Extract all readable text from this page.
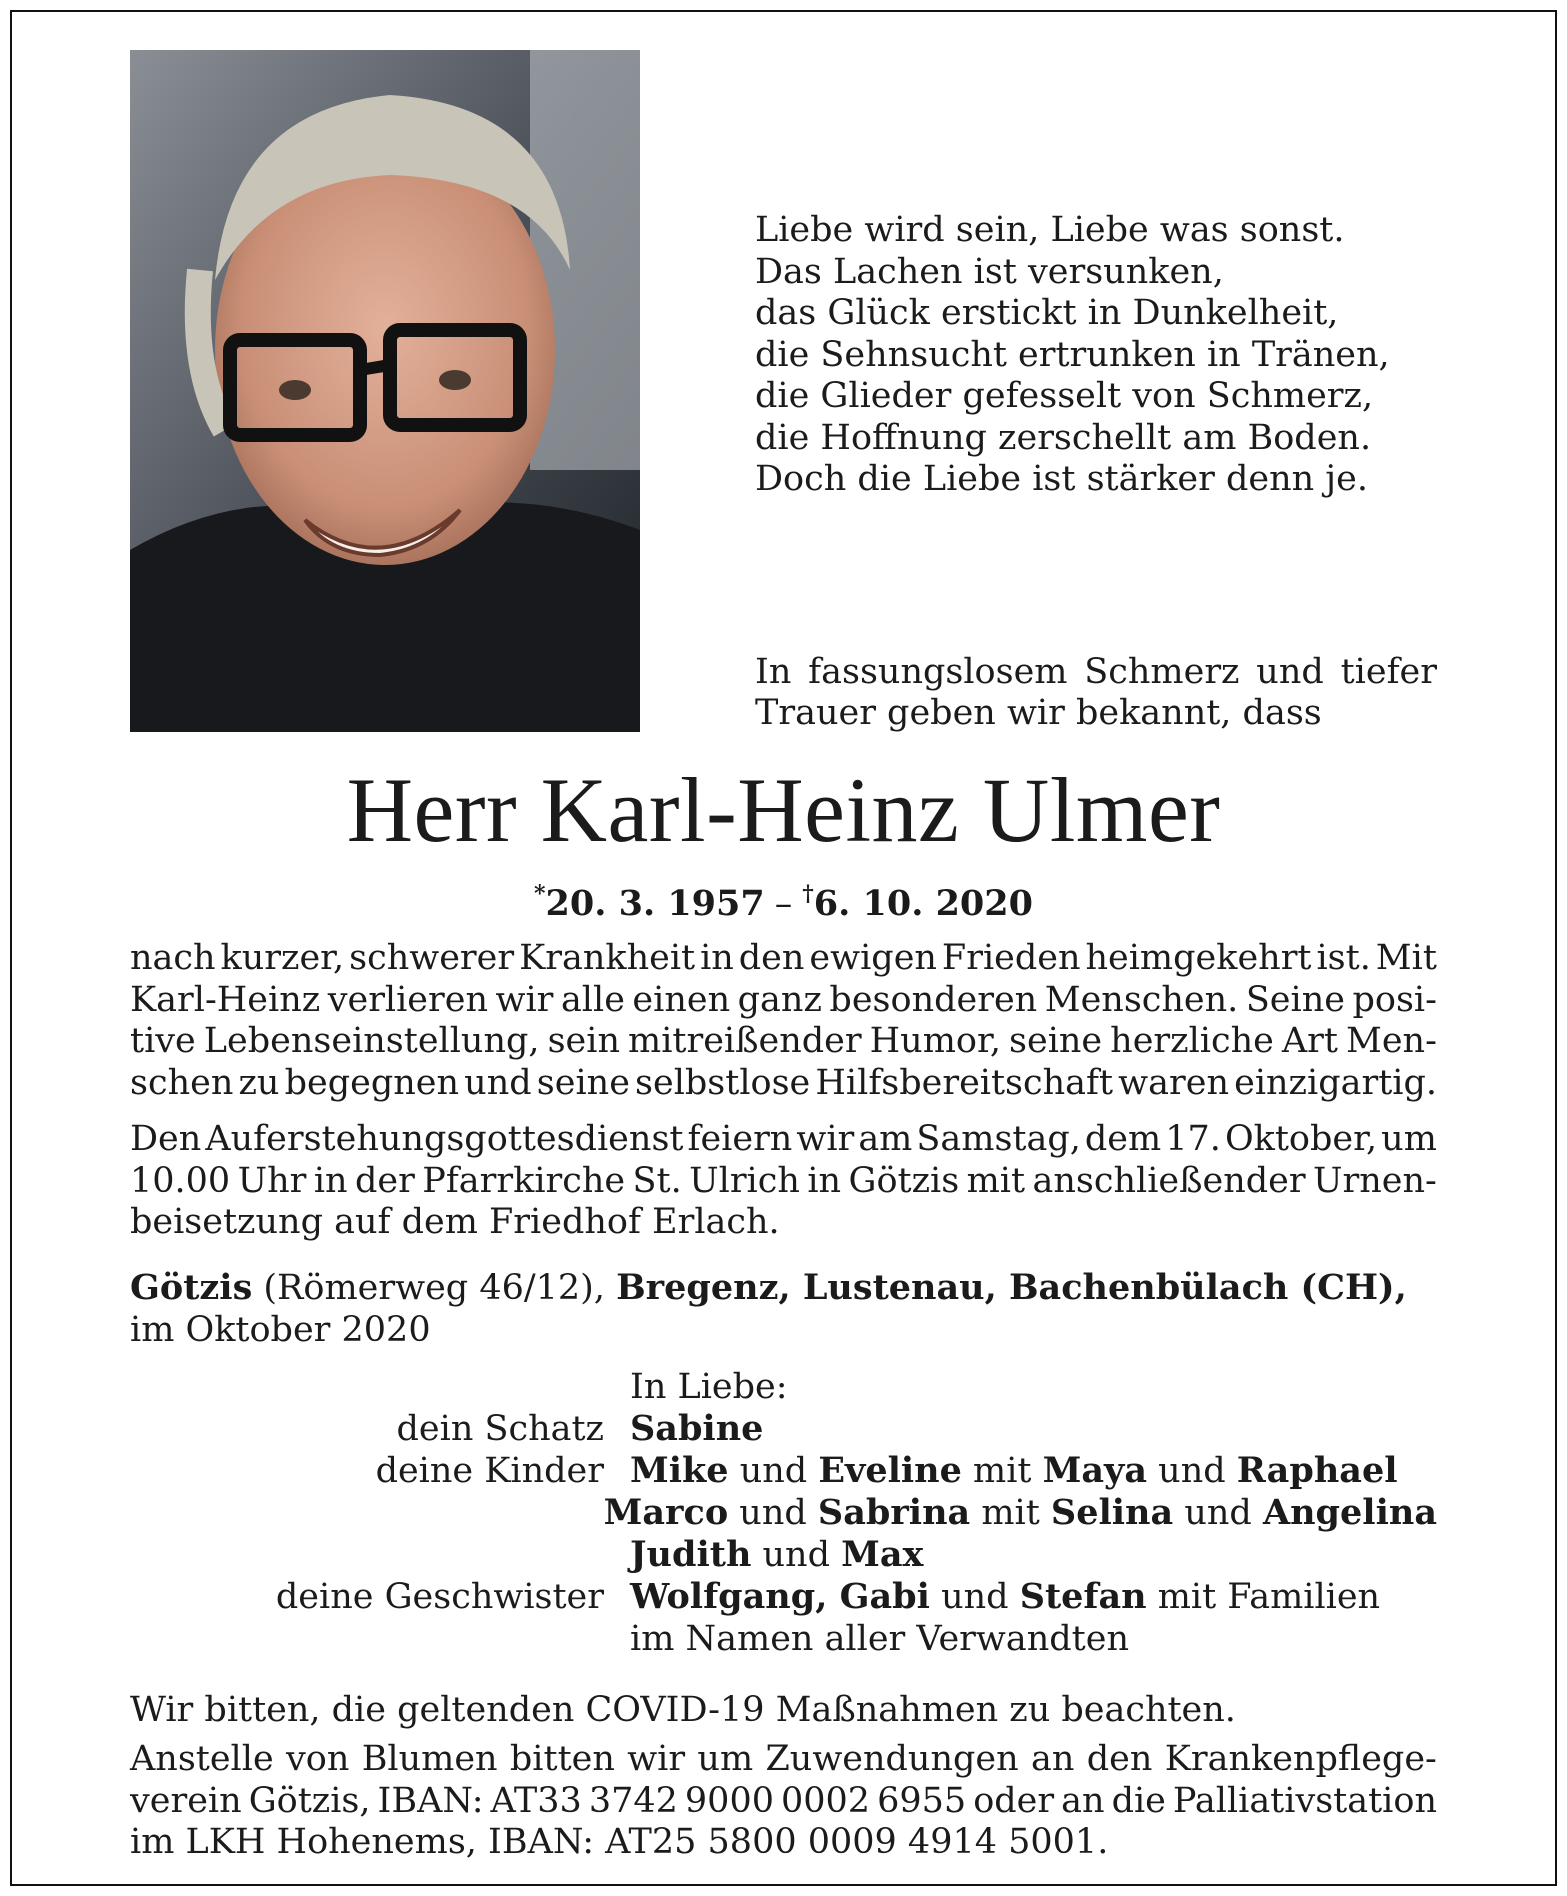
Liebe wird sein, Liebe was sonst.
Das Lachen ist versunken,
das Glück erstickt in Dunkelheit,
die Sehnsucht ertrunken in Tränen,
die Glieder gefesselt von Schmerz,
die Hoffnung zerschellt am Boden.
Doch die Liebe ist stärker denn je.
In fassungslosem Schmerz und tiefer
Trauer geben wir bekannt, dass
Herr Karl-Heinz Ulmer
*20. 3. 1957 – †6. 10. 2020
nach kurzer, schwerer Krankheit in den ewigen Frieden heimgekehrt ist. Mit
Karl-Heinz verlieren wir alle einen ganz besonderen Menschen. Seine posi-
tive Lebenseinstellung, sein mitreißender Humor, seine herzliche Art Men-
schen zu begegnen und seine selbstlose Hilfsbereitschaft waren einzigartig.
Den Auferstehungsgottesdienst feiern wir am Samstag, dem 17. Oktober, um
10.00 Uhr in der Pfarrkirche St. Ulrich in Götzis mit anschließender Urnen-
beisetzung auf dem Friedhof Erlach.
Götzis (Römerweg 46/12), Bregenz, Lustenau, Bachenbülach (CH),
im Oktober 2020
In Liebe:
dein Schatz Sabine
deine Kinder Mike und Eveline mit Maya und Raphael
Marco und Sabrina mit Selina und Angelina
Judith und Max
deine Geschwister Wolfgang, Gabi und Stefan mit Familien
im Namen aller Verwandten
Wir bitten, die geltenden COVID-19 Maßnahmen zu beachten.
Anstelle von Blumen bitten wir um Zuwendungen an den Krankenpflege-
verein Götzis, IBAN: AT33 3742 9000 0002 6955 oder an die Palliativstation
im LKH Hohenems, IBAN: AT25 5800 0009 4914 5001.
